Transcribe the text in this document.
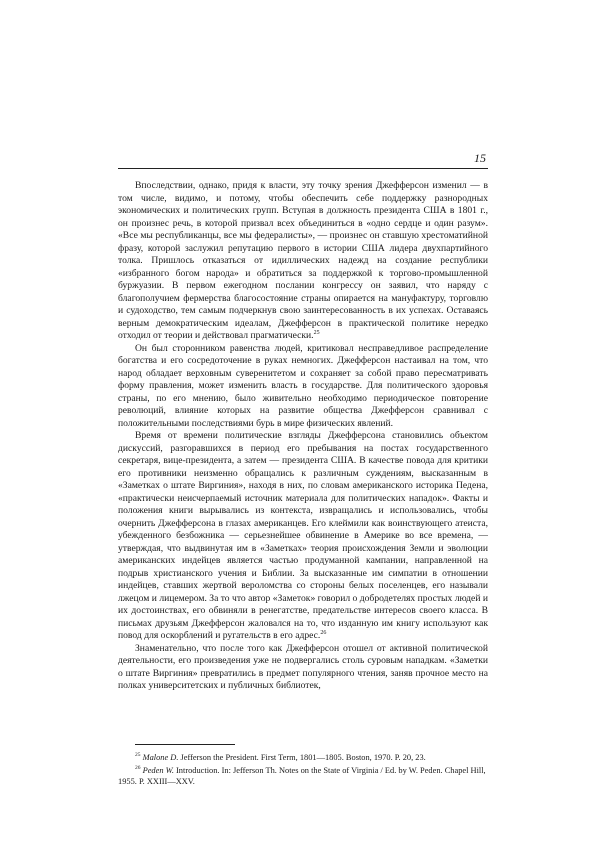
15

Впоследствии, однако, придя к власти, эту точку зрения Джефферсон изменил — в том числе, видимо, и потому, чтобы обеспечить себе поддержку разнородных экономических и политических групп. Вступая в должность президента США в 1801 г., он произнес речь, в которой призвал всех объединиться в «одно сердце и один разум». «Все мы республиканцы, все мы федералисты», — произнес он ставшую хрестоматийной фразу, которой заслужил репутацию первого в истории США лидера двухпартийного толка. Пришлось отказаться от идиллических надежд на создание республики «избранного богом народа» и обратиться за поддержкой к торгово-промышленной буржуазии. В первом ежегодном послании конгрессу он заявил, что наряду с благополучием фермерства благосостояние страны опирается на мануфактуру, торговлю и судоходство, тем самым подчеркнув свою заинтересованность в их успехах. Оставаясь верным демократическим идеалам, Джефферсон в практической политике нередко отходил от теории и действовал прагматически.$^{25}$

Он был сторонником равенства людей, критиковал несправедливое распределение богатства и его сосредоточение в руках немногих. Джефферсон настаивал на том, что народ обладает верховным суверенитетом и сохраняет за собой право пересматривать форму правления, может изменить власть в государстве. Для политического здоровья страны, по его мнению, было живительно необходимо периодическое повторение революций, влияние которых на развитие общества Джефферсон сравнивал с положительными последствиями бурь в мире физических явлений.

Время от времени политические взгляды Джефферсона становились объектом дискуссий, разгоравшихся в период его пребывания на постах государственного секретаря, вице-президента, а затем — президента США. В качестве повода для критики его противники неизменно обращались к различным суждениям, высказанным в «Заметках о штате Виргиния», находя в них, по словам американского историка Педена, «практически неисчерпаемый источник материала для политических нападок». Факты и положения книги вырывались из контекста, извращались и использовались, чтобы очернить Джефферсона в глазах американцев. Его клеймили как воинствующего атеиста, убежденного безбожника — серьезнейшее обвинение в Америке во все времена, — утверждая, что выдвинутая им в «Заметках» теория происхождения Земли и эволюции американских индейцев является частью продуманной кампании, направленной на подрыв христианского учения и Библии. За высказанные им симпатии в отношении индейцев, ставших жертвой вероломства со стороны белых поселенцев, его называли лжецом и лицемером. За то что автор «Заметок» говорил о добродетелях простых людей и их достоинствах, его обвиняли в ренегатстве, предательстве интересов своего класса. В письмах друзьям Джефферсон жаловался на то, что изданную им книгу используют как повод для оскорблений и ругательств в его адрес.$^{26}$

Знаменательно, что после того как Джефферсон отошел от активной политической деятельности, его произведения уже не подвергались столь суровым нападкам. «Заметки о штате Виргиния» превратились в предмет популярного чтения, заняв прочное место на полках университетских и публичных библиотек,

$^{25}$ Malone D. Jefferson the President. First Term, 1801—1805. Boston, 1970. P. 20, 23.

$^{26}$ Peden W. Introduction. In: Jefferson Th. Notes on the State of Virginia / Ed. by W. Peden. Chapel Hill, 1955. P. XXIII—XXV.
